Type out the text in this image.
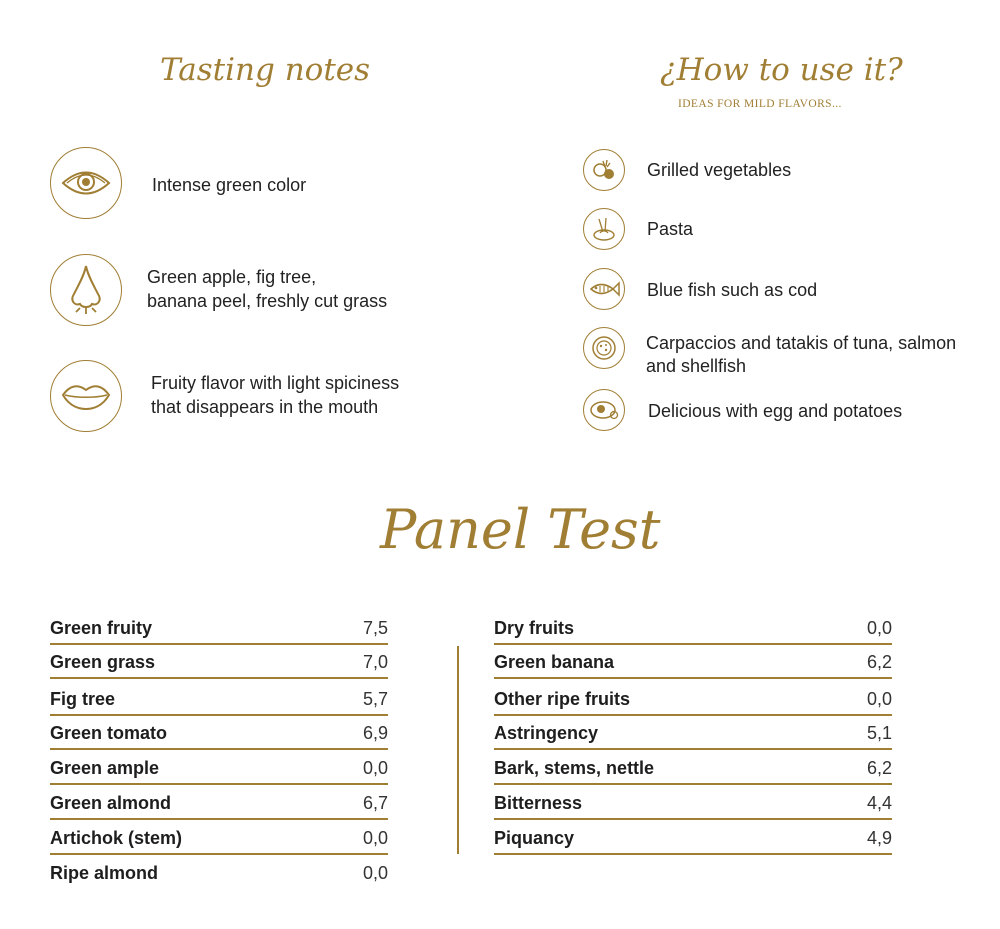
Tasting notes
Intense green color
Green apple, fig tree,
banana peel, freshly cut grass
Fruity flavor with light spiciness
that disappears in the mouth
¿How to use it?
IDEAS FOR MILD FLAVORS...
Grilled vegetables
Pasta
Blue fish such as cod
Carpaccios and tatakis of tuna, salmon
and shellfish
Delicious with egg and potatoes
Panel Test
Green fruity	7,5
Green grass	7,0
Fig tree	5,7
Green tomato	6,9
Green ample	0,0
Green almond	6,7
Artichok (stem)	0,0
Ripe almond	0,0
Dry fruits	0,0
Green banana	6,2
Other ripe fruits	0,0
Astringency	5,1
Bark, stems, nettle	6,2
Bitterness	4,4
Piquancy	4,9
